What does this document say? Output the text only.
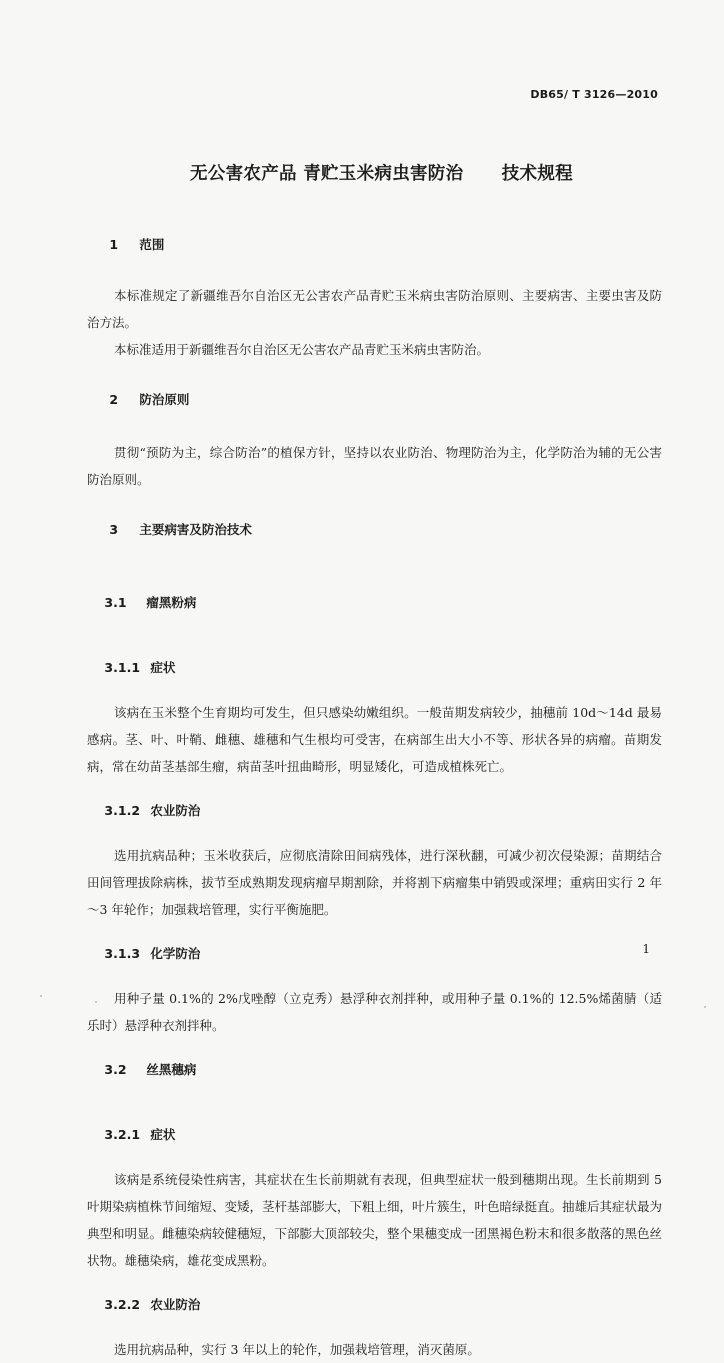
DB65/ T 3126—2010
无公害农产品 青贮玉米病虫害防治      技术规程

1 范围

本标准规定了新疆维吾尔自治区无公害农产品青贮玉米病虫害防治原则、主要病害、主要虫害及防治方法。

本标准适用于新疆维吾尔自治区无公害农产品青贮玉米病虫害防治。

2 防治原则

贯彻“预防为主，综合防治”的植保方针，坚持以农业防治、物理防治为主，化学防治为辅的无公害防治原则。

3 主要病害及防治技术

3.1 瘤黑粉病

3.1.1 症状

该病在玉米整个生育期均可发生，但只感染幼嫩组织。一般苗期发病较少，抽穗前 10d～14d 最易感病。茎、叶、叶鞘、雌穗、雄穗和气生根均可受害，在病部生出大小不等、形状各异的病瘤。苗期发病，常在幼苗茎基部生瘤，病苗茎叶扭曲畸形，明显矮化，可造成植株死亡。

3.1.2 农业防治

选用抗病品种；玉米收获后，应彻底清除田间病残体，进行深秋翻，可减少初次侵染源；苗期结合田间管理拔除病株，拔节至成熟期发现病瘤早期割除，并将割下病瘤集中销毁或深埋；重病田实行 2 年～3 年轮作；加强栽培管理，实行平衡施肥。

3.1.3 化学防治

用种子量 0.1%的 2%戊唑醇（立克秀）悬浮种衣剂拌种，或用种子量 0.1%的 12.5%烯菌腈（适乐时）悬浮种衣剂拌种。

3.2 丝黑穗病

3.2.1 症状

该病是系统侵染性病害，其症状在生长前期就有表现，但典型症状一般到穗期出现。生长前期到 5 叶期染病植株节间缩短、变矮，茎杆基部膨大，下粗上细，叶片簇生，叶色暗绿挺直。抽雄后其症状最为典型和明显。雌穗染病较健穗短，下部膨大顶部较尖，整个果穗变成一团黑褐色粉末和很多散落的黑色丝状物。雄穗染病，雄花变成黑粉。

3.2.2 农业防治

选用抗病品种，实行 3 年以上的轮作，加强栽培管理，消灭菌原。

1
